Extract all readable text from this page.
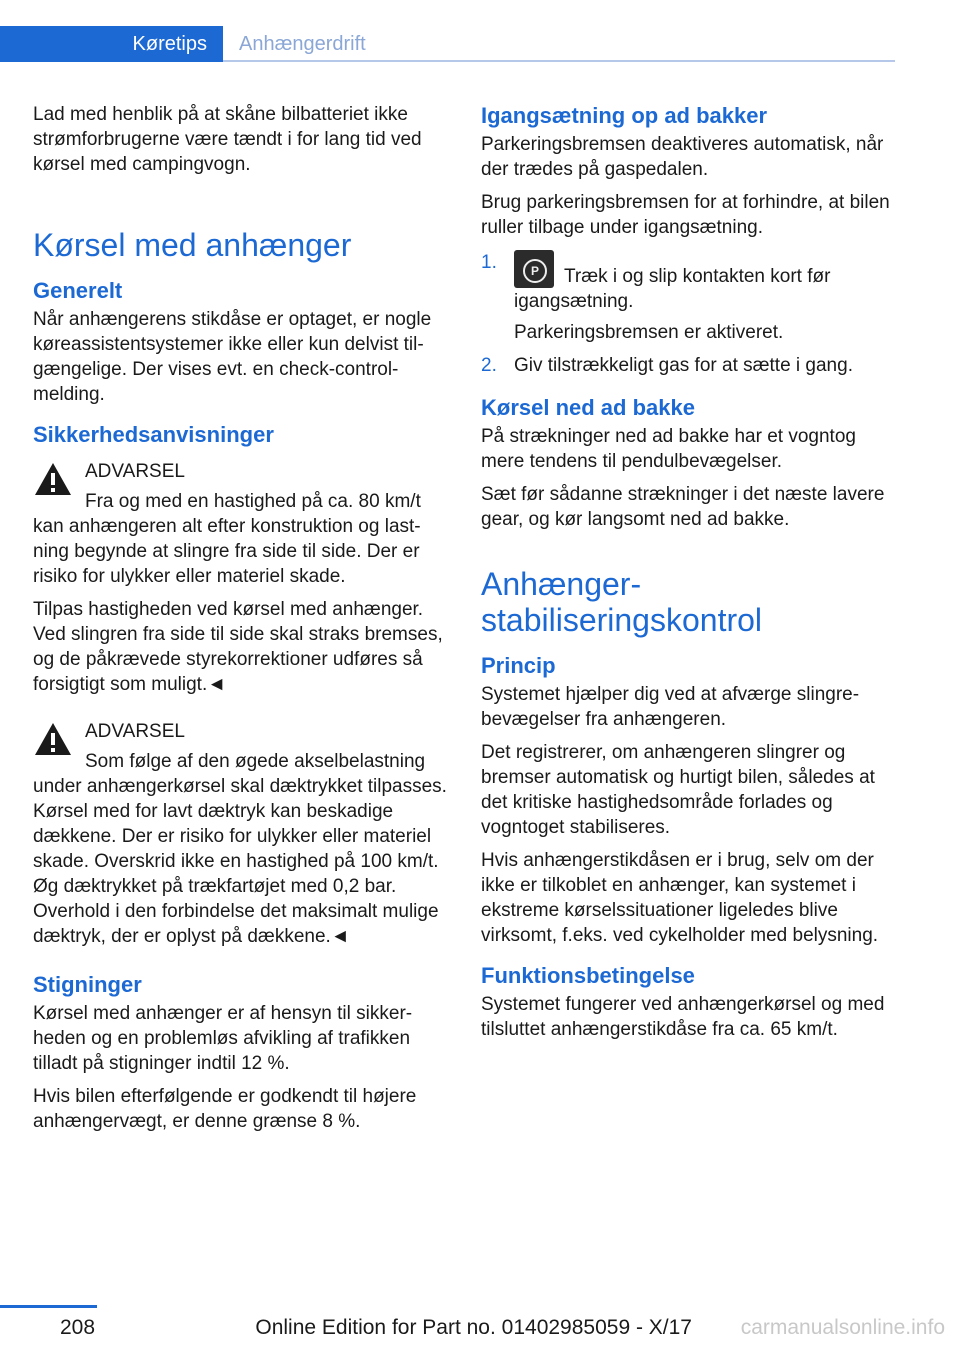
Køretips	Anhængerdrift

Lad med henblik på at skåne bilbatteriet ikke strømforbrugerne være tændt i for lang tid ved kørsel med campingvogn.

Kørsel med anhænger
Generelt

Når anhængerens stikdåse er optaget, er nogle køreassistentsystemer ikke eller kun delvist tilgængelige. Der vises evt. en check-control-melding.

Sikkerhedsanvisninger
ADVARSEL

Fra og med en hastighed på ca. 80 km/t kan anhængeren alt efter konstruktion og lastning begynde at slingre fra side til side. Der er risiko for ulykker eller materiel skade.

Tilpas hastigheden ved kørsel med anhænger. Ved slingren fra side til side skal straks bremses, og de påkrævede styrekorrektioner udføres så forsigtigt som muligt.◄

ADVARSEL

Som følge af den øgede akselbelastning under anhængerkørsel skal dæktrykket tilpasses. Kørsel med for lavt dæktryk kan beskadige dækkene. Der er risiko for ulykker eller materiel skade. Overskrid ikke en hastighed på 100 km/t. Øg dæktrykket på trækfartøjet med 0,2 bar. Overhold i den forbindelse det maksimalt mulige dæktryk, der er oplyst på dækkene.◄

Stigninger

Kørsel med anhænger er af hensyn til sikkerheden og en problemløs afvikling af trafikken tilladt på stigninger indtil 12 %.

Hvis bilen efterfølgende er godkendt til højere anhængervægt, er denne grænse 8 %.

Igangsætning op ad bakker

Parkeringsbremsen deaktiveres automatisk, når der trædes på gaspedalen.

Brug parkeringsbremsen for at forhindre, at bilen ruller tilbage under igangsætning.

1.	P	Træk i og slip kontakten kort før igangsætning.
Parkeringsbremsen er aktiveret.
2. Giv tilstrækkeligt gas for at sætte i gang.
Kørsel ned ad bakke

På strækninger ned ad bakke har et vogntog mere tendens til pendulbevægelser.

Sæt før sådanne strækninger i det næste lavere gear, og kør langsomt ned ad bakke.

Anhængerstabiliseringskontrol
Princip

Systemet hjælper dig ved at afværge slingrebevægelser fra anhængeren.

Det registrerer, om anhængeren slingrer og bremser automatisk og hurtigt bilen, således at det kritiske hastighedsområde forlades og vogntoget stabiliseres.

Hvis anhængerstikdåsen er i brug, selv om der ikke er tilkoblet en anhænger, kan systemet i ekstreme kørselssituationer ligeledes blive virksomt, f.eks. ved cykelholder med belysning.

Funktionsbetingelse

Systemet fungerer ved anhængerkørsel og med tilsluttet anhængerstikdåse fra ca. 65 km/t.

208	Online Edition for Part no. 01402985059 - X/17 carmanualsonline.info
